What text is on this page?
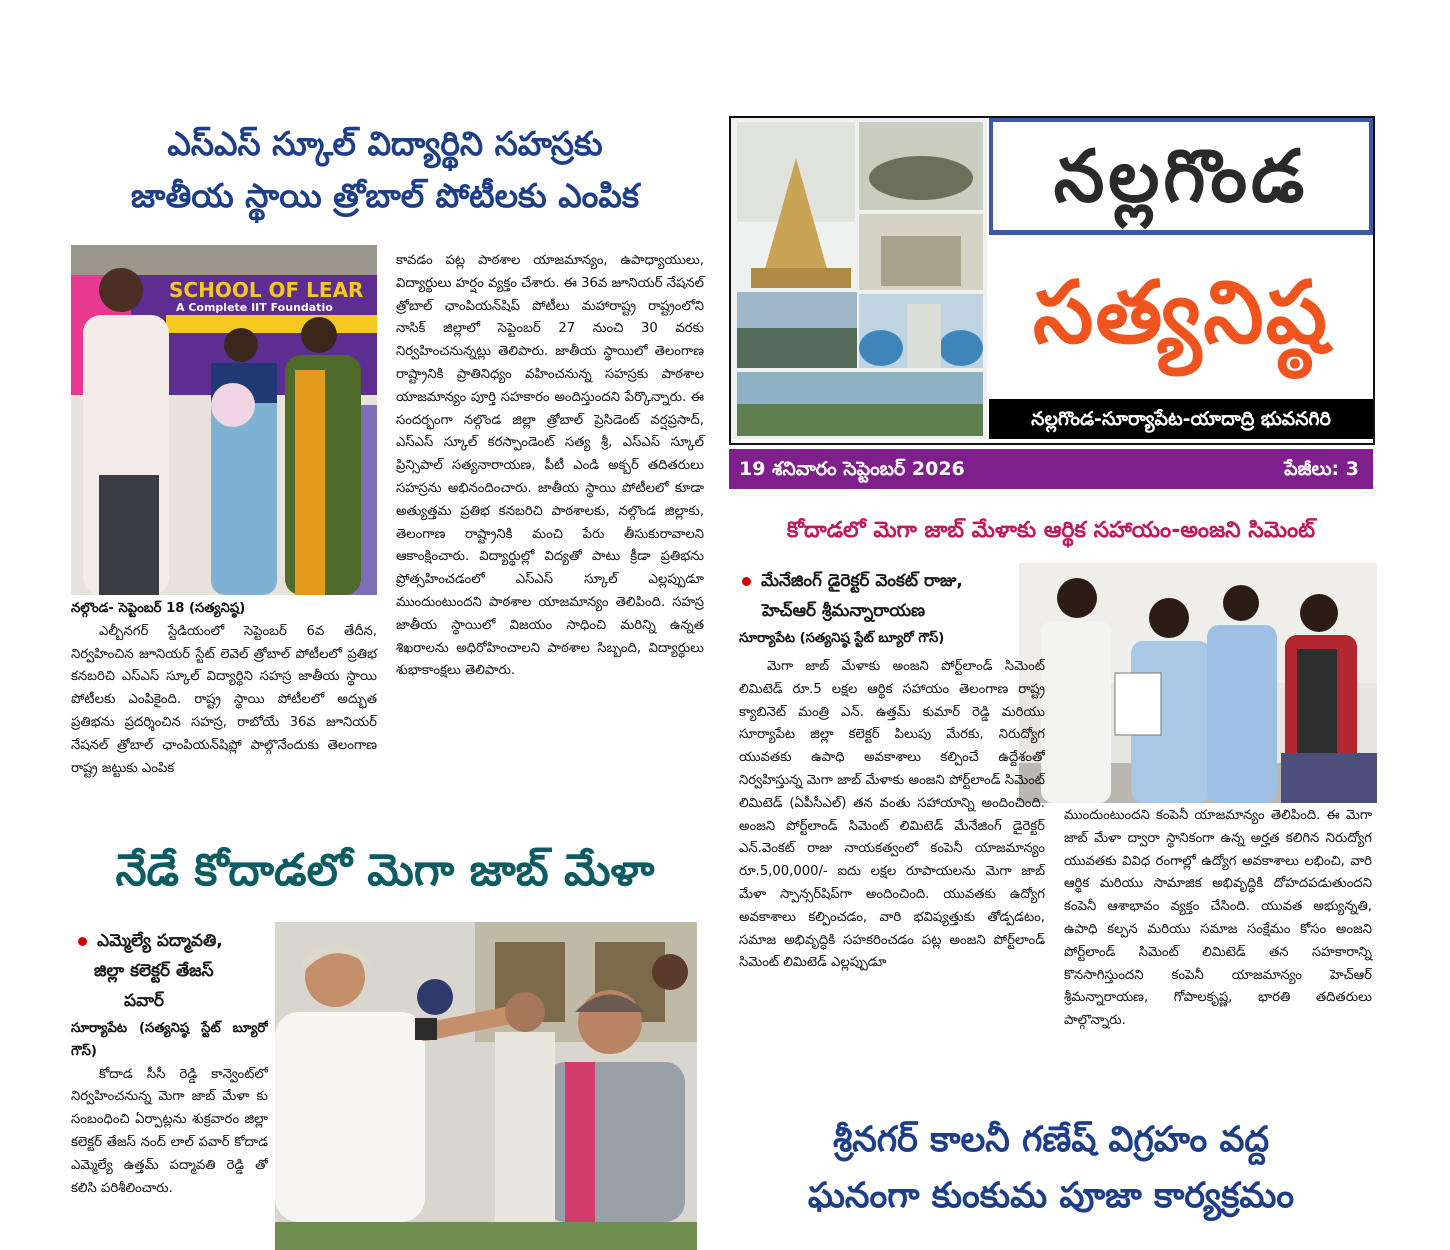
ఎస్ఎస్ స్కూల్ విద్యార్థిని సహస్రకు
జాతీయ స్థాయి త్రోబాల్ పోటీలకు ఎంపిక
SCHOOL OF LEAR
A Complete IIT Foundatio

నల్గొండ- సెప్టెంబర్ 18 (సత్యనిష్ఠ)

ఎల్బీనగర్ స్టేడియంలో సెప్టెంబర్ 6వ తేదీన, నిర్వహించిన జూనియర్ స్టేట్ లెవెల్ త్రోబాల్ పోటీలలో ప్రతిభ కనబరిచి ఎస్ఎస్ స్కూల్ విద్యార్థిని సహస్ర జాతీయ స్థాయి పోటీలకు ఎంపికైంది. రాష్ట్ర స్థాయి పోటీలలో అద్భుత ప్రతిభను ప్రదర్శించిన సహస్ర, రాబోయే 36వ జూనియర్ నేషనల్ త్రోబాల్ ఛాంపియన్‌షిప్లో పాల్గొనేందుకు తెలంగాణ రాష్ట్ర జట్టుకు ఎంపిక

కావడం పట్ల పాఠశాల యాజమాన్యం, ఉపాధ్యాయులు, విద్యార్థులు హర్షం వ్యక్తం చేశారు. ఈ 36వ జూనియర్ నేషనల్ త్రోబాల్ ఛాంపియన్‌షిప్ పోటీలు మహారాష్ట్ర రాష్ట్రంలోని నాసిక్ జిల్లాలో సెప్టెంబర్ 27 నుంచి 30 వరకు నిర్వహించనున్నట్లు తెలిపారు. జాతీయ స్థాయిలో తెలంగాణ రాష్ట్రానికి ప్రాతినిధ్యం వహించనున్న సహస్రకు పాఠశాల యాజమాన్యం పూర్తి సహకారం అందిస్తుందని పేర్కొన్నారు. ఈ సందర్భంగా నల్గొండ జిల్లా త్రోబాల్ ప్రెసిడెంట్ వర్షప్రసాద్, ఎస్ఎస్ స్కూల్ కరస్పాండెంట్ సత్య శ్రీ, ఎస్ఎస్ స్కూల్ ప్రిన్సిపాల్ సత్యనారాయణ, పీటీ ఎండి అక్బర్ తదితరులు సహస్రను అభినందించారు. జాతీయ స్థాయి పోటీలలో కూడా అత్యుత్తమ ప్రతిభ కనబరిచి పాఠశాలకు, నల్గొండ జిల్లాకు, తెలంగాణ రాష్ట్రానికి మంచి పేరు తీసుకురావాలని ఆకాంక్షించారు. విద్యార్థుల్లో విద్యతో పాటు క్రీడా ప్రతిభను ప్రోత్సహించడంలో ఎస్ఎస్ స్కూల్ ఎల్లప్పుడూ ముందుంటుందని పాఠశాల యాజమాన్యం తెలిపింది. సహస్ర జాతీయ స్థాయిలో విజయం సాధించి మరిన్ని ఉన్నత శిఖరాలను అధిరోహించాలని పాఠశాల సిబ్బంది, విద్యార్థులు శుభాకాంక్షలు తెలిపారు.

నల్లగొండ
సత్యనిష్ఠ
నల్లగొండ-సూర్యాపేట-యాదాద్రి భువనగిరి
19 శనివారం సెప్టెంబర్ 2026	పేజీలు: 3
కోదాడలో మెగా జాబ్ మేళాకు ఆర్థిక సహాయం-అంజని సిమెంట్
మేనేజింగ్ డైరెక్టర్ వెంకట్ రాజు,
హెచ్ఆర్ శ్రీమన్నారాయణ

సూర్యాపేట (సత్యనిష్ఠ స్టేట్ బ్యూరో గౌస్)

మెగా జాబ్ మేళాకు అంజని పోర్ట్‌లాండ్ సిమెంట్ లిమిటెడ్ రూ.5 లక్షల ఆర్థిక సహాయం తెలంగాణ రాష్ట్ర క్యాబినెట్ మంత్రి ఎన్. ఉత్తమ్ కుమార్ రెడ్డి మరియు సూర్యాపేట జిల్లా కలెక్టర్ పిలుపు మేరకు, నిరుద్యోగ యువతకు ఉపాధి అవకాశాలు కల్పించే ఉద్దేశంతో నిర్వహిస్తున్న మెగా జాబ్ మేళాకు అంజని పోర్ట్‌లాండ్ సిమెంట్ లిమిటెడ్ (ఏపీసీఎల్) తన వంతు సహాయాన్ని అందించింది. అంజని పోర్ట్‌లాండ్ సిమెంట్ లిమిటెడ్ మేనేజింగ్ డైరెక్టర్ ఎన్.వెంకట్ రాజు నాయకత్వంలో కంపెనీ యాజమాన్యం రూ.5,00,000/- ఐదు లక్షల రూపాయలను మెగా జాబ్ మేళా స్పాన్సర్‌షిప్‌గా అందించింది. యువతకు ఉద్యోగ అవకాశాలు కల్పించడం, వారి భవిష్యత్తుకు తోడ్పడటం, సమాజ అభివృద్ధికి సహకరించడం పట్ల అంజని పోర్ట్‌లాండ్ సిమెంట్ లిమిటెడ్ ఎల్లప్పుడూ

ముందుంటుందని కంపెనీ యాజమాన్యం తెలిపింది. ఈ మెగా జాబ్ మేళా ద్వారా స్థానికంగా ఉన్న అర్హత కలిగిన నిరుద్యోగ యువతకు వివిధ రంగాల్లో ఉద్యోగ అవకాశాలు లభించి, వారి ఆర్థిక మరియు సామాజిక అభివృద్ధికి దోహదపడుతుందని కంపెనీ ఆశాభావం వ్యక్తం చేసింది. యువత అభ్యున్నతి, ఉపాధి కల్పన మరియు సమాజ సంక్షేమం కోసం అంజని పోర్ట్‌లాండ్ సిమెంట్ లిమిటెడ్ తన సహకారాన్ని కొనసాగిస్తుందని కంపెనీ యాజమాన్యం హెచ్ఆర్ శ్రీమన్నారాయణ, గోపాలకృష్ణ, భారతి తదితరులు పాల్గొన్నారు.

నేడే కోదాడలో మెగా జాబ్ మేళా
ఎమ్మెల్యే పద్మావతి,
జిల్లా కలెక్టర్ తేజస్
పవార్

సూర్యాపేట (సత్యనిష్ఠ స్టేట్ బ్యూరో గౌస్)

కోదాడ సీసీ రెడ్డి కాన్వెంట్‌లో నిర్వహించనున్న మెగా జాబ్ మేళా కు సంబంధించి ఏర్పాట్లను శుక్రవారం జిల్లా కలెక్టర్ తేజస్ నంద్ లాల్ పవార్ కోదాడ ఎమ్మెల్యే ఉత్తమ్ పద్మావతి రెడ్డి తో కలిసి పరిశీలించారు.

శ్రీనగర్ కాలనీ గణేష్ విగ్రహం వద్ద
ఘనంగా కుంకుమ పూజా కార్యక్రమం
